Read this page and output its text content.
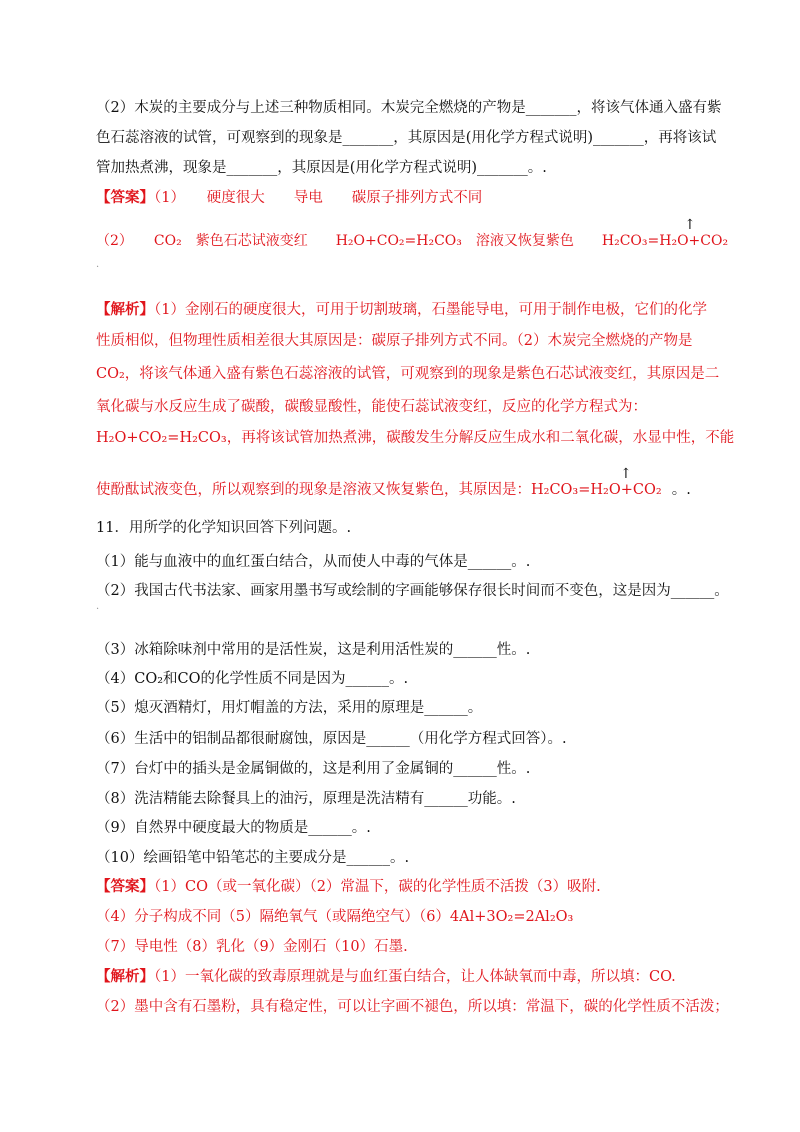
（2）木炭的主要成分与上述三种物质相同。木炭完全燃烧的产物是_______，将该气体通入盛有紫
色石蕊溶液的试管，可观察到的现象是_______，其原因是(用化学方程式说明)_______，再将该试
管加热煮沸，现象是_______，其原因是(用化学方程式说明)_______。.
【答案】（1）　　硬度很大　　导电　　碳原子排列方式不同
（2）　　CO₂　紫色石芯试液变红　　H₂O+CO₂=H₂CO₃　溶液又恢复紫色　　H₂CO₃=H₂O+CO₂
↑
·
【解析】（1）金刚石的硬度很大，可用于切割玻璃，石墨能导电，可用于制作电极，它们的化学
性质相似，但物理性质相差很大其原因是：碳原子排列方式不同。（2）木炭完全燃烧的产物是
CO₂，将该气体通入盛有紫色石蕊溶液的试管，可观察到的现象是紫色石芯试液变红，其原因是二
氧化碳与水反应生成了碳酸，碳酸显酸性，能使石蕊试液变红，反应的化学方程式为：
H₂O+CO₂=H₂CO₃，再将该试管加热煮沸，碳酸发生分解反应生成水和二氧化碳，水显中性，不能
使酚酞试液变色，所以观察到的现象是溶液又恢复紫色，其原因是：H₂CO₃=H₂O+CO₂ 。.
↑
11．用所学的化学知识回答下列问题。.
（1）能与血液中的血红蛋白结合，从而使人中毒的气体是______。.
（2）我国古代书法家、画家用墨书写或绘制的字画能够保存很长时间而不变色，这是因为______。
·
（3）冰箱除味剂中常用的是活性炭，这是利用活性炭的______性。.
（4）CO₂和CO的化学性质不同是因为______。.
（5）熄灭酒精灯，用灯帽盖的方法，采用的原理是______。
（6）生活中的铝制品都很耐腐蚀，原因是______（用化学方程式回答）。.
（7）台灯中的插头是金属铜做的，这是利用了金属铜的______性。.
（8）洗洁精能去除餐具上的油污，原理是洗洁精有______功能。.
（9）自然界中硬度最大的物质是______。.
（10）绘画铅笔中铅笔芯的主要成分是______。.
【答案】（1）CO（或一氧化碳）（2）常温下，碳的化学性质不活拨（3）吸附.
（4）分子构成不同（5）隔绝氧气（或隔绝空气）（6）4Al+3O₂=2Al₂O₃
（7）导电性（8）乳化（9）金刚石（10）石墨.
【解析】（1）一氧化碳的致毒原理就是与血红蛋白结合，让人体缺氧而中毒，所以填：CO.
（2）墨中含有石墨粉，具有稳定性，可以让字画不褪色，所以填：常温下，碳的化学性质不活泼；
